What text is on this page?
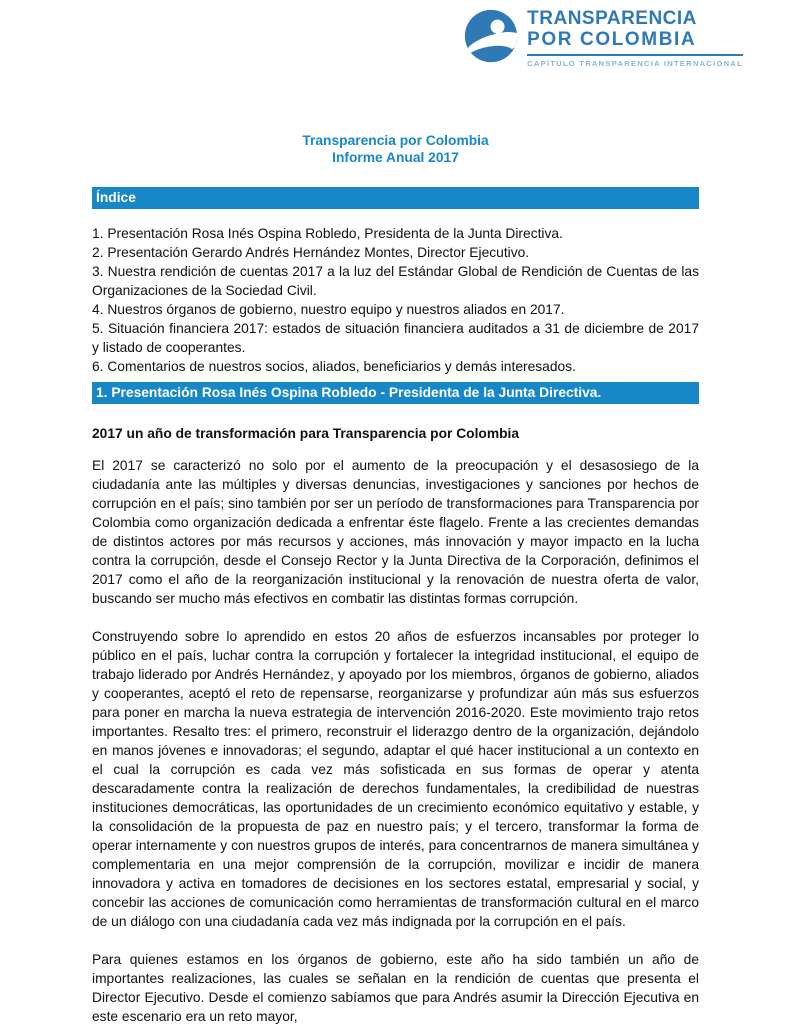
TRANSPARENCIA
POR COLOMBIA
CAPÍTULO TRANSPARENCIA INTERNACIONAL
Transparencia por Colombia
Informe Anual 2017
Índice
1. Presentación Rosa Inés Ospina Robledo, Presidenta de la Junta Directiva.
2. Presentación Gerardo Andrés Hernández Montes, Director Ejecutivo.
3. Nuestra rendición de cuentas 2017 a la luz del Estándar Global de Rendición de Cuentas de las Organizaciones de la Sociedad Civil.
4. Nuestros órganos de gobierno, nuestro equipo y nuestros aliados en 2017.
5. Situación financiera 2017: estados de situación financiera auditados a 31 de diciembre de 2017 y listado de cooperantes.
6. Comentarios de nuestros socios, aliados, beneficiarios y demás interesados.
1. Presentación Rosa Inés Ospina Robledo - Presidenta de la Junta Directiva.
2017 un año de transformación para Transparencia por Colombia
El 2017 se caracterizó no solo por el aumento de la preocupación y el desasosiego de la ciudadanía ante las múltiples y diversas denuncias, investigaciones y sanciones por hechos de corrupción en el país; sino también por ser un período de transformaciones para Transparencia por Colombia como organización dedicada a enfrentar éste flagelo. Frente a las crecientes demandas de distintos actores por más recursos y acciones, más innovación y mayor impacto en la lucha contra la corrupción, desde el Consejo Rector y la Junta Directiva de la Corporación, definimos el 2017 como el año de la reorganización institucional y la renovación de nuestra oferta de valor, buscando ser mucho más efectivos en combatir las distintas formas corrupción.
Construyendo sobre lo aprendido en estos 20 años de esfuerzos incansables por proteger lo público en el país, luchar contra la corrupción y fortalecer la integridad institucional, el equipo de trabajo liderado por Andrés Hernández, y apoyado por los miembros, órganos de gobierno, aliados y cooperantes, aceptó el reto de repensarse, reorganizarse y profundizar aún más sus esfuerzos para poner en marcha la nueva estrategia de intervención 2016-2020. Este movimiento trajo retos importantes. Resalto tres: el primero, reconstruir el liderazgo dentro de la organización, dejándolo en manos jóvenes e innovadoras; el segundo, adaptar el qué hacer institucional a un contexto en el cual la corrupción es cada vez más sofisticada en sus formas de operar y atenta descaradamente contra la realización de derechos fundamentales, la credibilidad de nuestras instituciones democráticas, las oportunidades de un crecimiento económico equitativo y estable, y la consolidación de la propuesta de paz en nuestro país; y el tercero, transformar la forma de operar internamente y con nuestros grupos de interés, para concentrarnos de manera simultánea y complementaria en una mejor comprensión de la corrupción, movilizar e incidir de manera innovadora y activa en tomadores de decisiones en los sectores estatal, empresarial y social, y concebir las acciones de comunicación como herramientas de transformación cultural en el marco de un diálogo con una ciudadanía cada vez más indignada por la corrupción en el país.
Para quienes estamos en los órganos de gobierno, este año ha sido también un año de importantes realizaciones, las cuales se señalan en la rendición de cuentas que presenta el Director Ejecutivo. Desde el comienzo sabíamos que para Andrés asumir la Dirección Ejecutiva en este escenario era un reto mayor,
